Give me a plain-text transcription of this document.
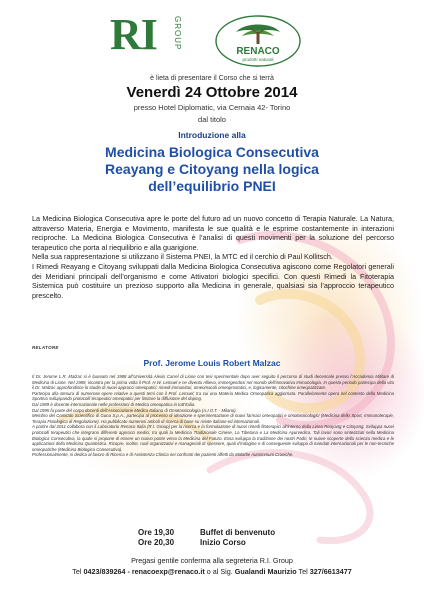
RI GROUP
RENACO
prodotti naturali
è lieta di presentare il Corso che si terrà
Venerdì 24 Ottobre 2014
presso Hotel Diplomatic, via Cernaia 42- Torino
dal titolo
Introduzione alla
Medicina Biologica Consecutiva
Reayang e Citoyang nella logica
dell’equilibrio PNEI

La Medicina Biologica Consecutiva apre le porte del futuro ad un nuovo concetto di Terapia Naturale. La Natura, attraverso Materia, Energia e Movimento, manifesta le sue qualità e le esprime costantemente in interazioni reciproche. La Medicina Biologica Consecutiva è l’analisi di questi movimenti per la soluzione del percorso terapeutico che porta al riequilibrio e alla guarigione.

Nella sua rappresentazione si utilizzano il Sistema PNEI, la MTC ed il cerchio di Paul Kollitsch.

I Rimedi Reayang e Citoyang sviluppati dalla Medicina Biologica Consecutiva agiscono come Regolatori generali dei Meridiani principali dell’organismo e come Attivatori biologici specifici. Con questi Rimedi la Fitoterapia Sistemica può costituire un prezioso supporto alla Medicina in generale, qualsiasi sia l’approccio terapeutico prescelto.

RELATORE
Prof. Jerome Louis Robert Malzac

Il Dr. Jerome L.R. Malzac si è laureato nel 1988 all’Università Alexis Carrel di Lione con tesi sperimentale dopo aver seguito il percorso di studi decennale presso l’Accademia Militare di Medicina di Lione. Nel 1989, incontra per la prima volta il Prof. H.W. Lemuel e ne diventa Allievo, immergendosi nel mondo dell’innovativa Immunologia. In questo periodo partecipa della vita il Dr. Malzac approfondisce lo studio di nuovi approcci omeopatici: rimedi immunitari, omeomacoli omeoprostatici, e, logicamente, citochine omeopatizzate.

Partecipa alla stesura di numerose opere relative a questi temi con il Prof. Lemuel; tra cui una Materia Medica Omeopatica aggiornata. Parallelamente opera nel contesto della Medicina Sportiva sviluppando protocolli terapeutici omeopatici per limitare la diffusione del doping.

Dal 1989 è docente internazionale nelle professioni di Medica omeopatica in tutt’Italia.

Dal 1995 fa parte del corpo docenti dell’Associazione Medica Italiana di Omotossicologia (A.I.O.T. - Milano).

Membro del Comitato Scientifico di Guna S.p.A., partecipa al processo di ideazione e sperimentazione di nuovi farmaci omeopatici e omotossicologici (Medicina dello Sport, Immunoterapie, Terapia Fisiologica di Regolazione). Ha pubblicato numerosi articoli di ricerca di base su riviste italiane ed internazionali.

A partire dal 2011 collabora con il Laboratorio Renaco Italia (R.I. Group) per la ricerca e la formulazione di nuovi rimedi fitoterapici all’interno della Linea Reayang e Citoyang. Sviluppa nuovi protocolli terapeutici che integrano differenti approcci medici, tra quali la Medicina Tradizionale Cinese, La Tibetana e La Medicina Ayurvedica. Tali lavori sono sintetizzati nella Medicina Biologica Consecutiva, la quale si propone di essere un nuovo ponte verso la Medicina del Futuro. Essa sviluppa la tradizione dei nostri Padri, le nuove scoperte della scienza medica e le applicazioni della Medicina Quantistica. Ricopre, inoltre, ruoli organizzativi e manageriali di spessore, quali d’indagine e di conseguente sviluppo di mandati internazionali per le non-tecniche omeopatiche (Medicina Biologica Consecutiva).

Professionalmente, si dedica al lavoro di Ricerca e di Assistenza Clinica nei confronti dei pazienti affetti da Malattie Autoimmuni Croniche.

Ore 19,30
Ore 20,30
Buffet di benvenuto
Inizio Corso
Pregasi gentile conferma alla segreteria R.I. Group
Tel 0423/839264 - renacoexp@renaco.it o al Sig. Gualandi Maurizio Tel 327/6613477
